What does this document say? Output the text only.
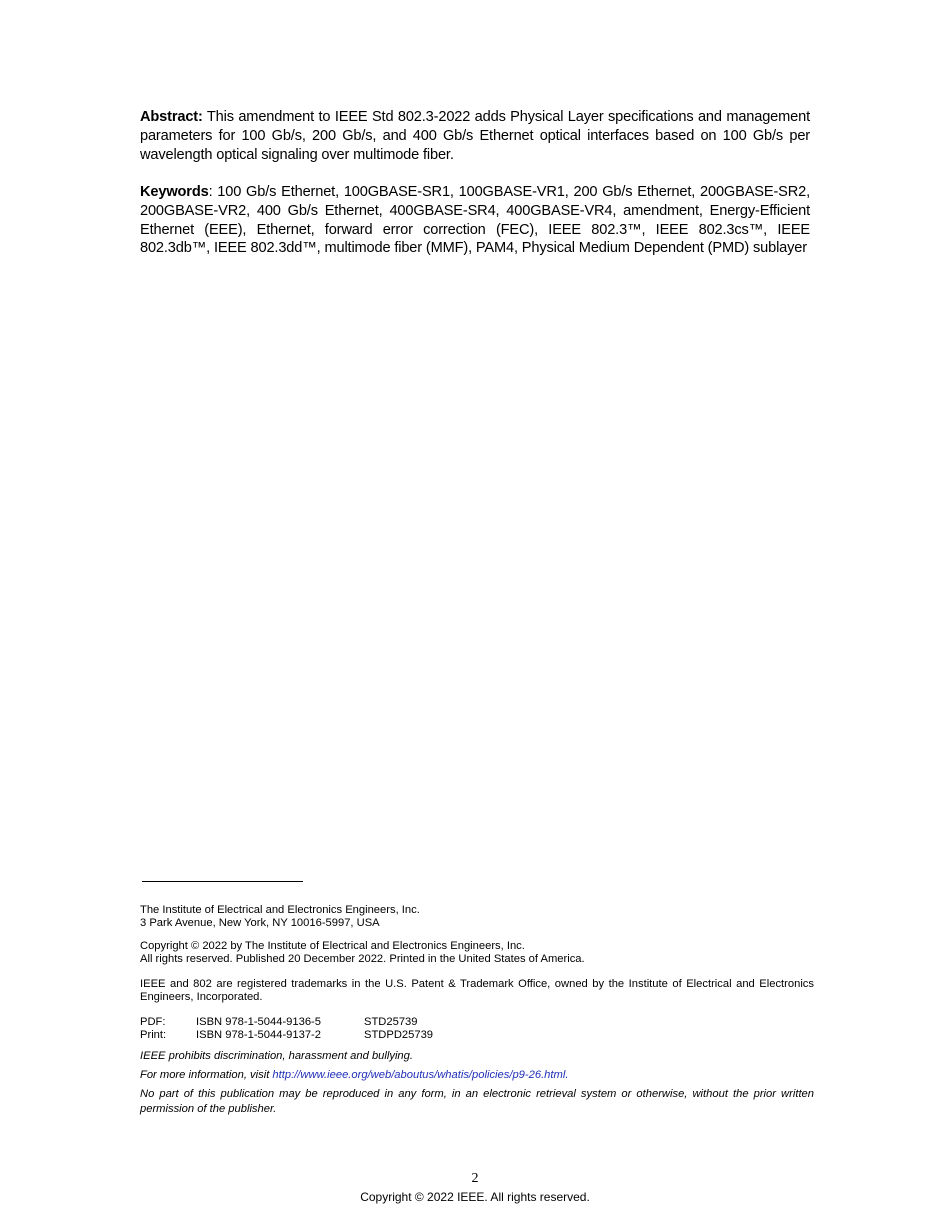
Abstract: This amendment to IEEE Std 802.3-2022 adds Physical Layer specifications and management parameters for 100 Gb/s, 200 Gb/s, and 400 Gb/s Ethernet optical interfaces based on 100 Gb/s per wavelength optical signaling over multimode fiber.

Keywords: 100 Gb/s Ethernet, 100GBASE-SR1, 100GBASE-VR1, 200 Gb/s Ethernet, 200GBASE-SR2, 200GBASE-VR2, 400 Gb/s Ethernet, 400GBASE-SR4, 400GBASE-VR4, amendment, Energy-Efficient Ethernet (EEE), Ethernet, forward error correction (FEC), IEEE 802.3™, IEEE 802.3cs™, IEEE 802.3db™, IEEE 802.3dd™, multimode fiber (MMF), PAM4, Physical Medium Dependent (PMD) sublayer

The Institute of Electrical and Electronics Engineers, Inc.
3 Park Avenue, New York, NY 10016-5997, USA
Copyright © 2022 by The Institute of Electrical and Electronics Engineers, Inc.
All rights reserved. Published 20 December 2022. Printed in the United States of America.
IEEE and 802 are registered trademarks in the U.S. Patent & Trademark Office, owned by the Institute of Electrical and Electronics Engineers, Incorporated.
PDF:	ISBN 978-1-5044-9136-5	STD25739
Print:	ISBN 978-1-5044-9137-2	STDPD25739
IEEE prohibits discrimination, harassment and bullying.
For more information, visit http://www.ieee.org/web/aboutus/whatis/policies/p9-26.html.
No part of this publication may be reproduced in any form, in an electronic retrieval system or otherwise, without the prior written permission of the publisher.
2
Copyright © 2022 IEEE. All rights reserved.
